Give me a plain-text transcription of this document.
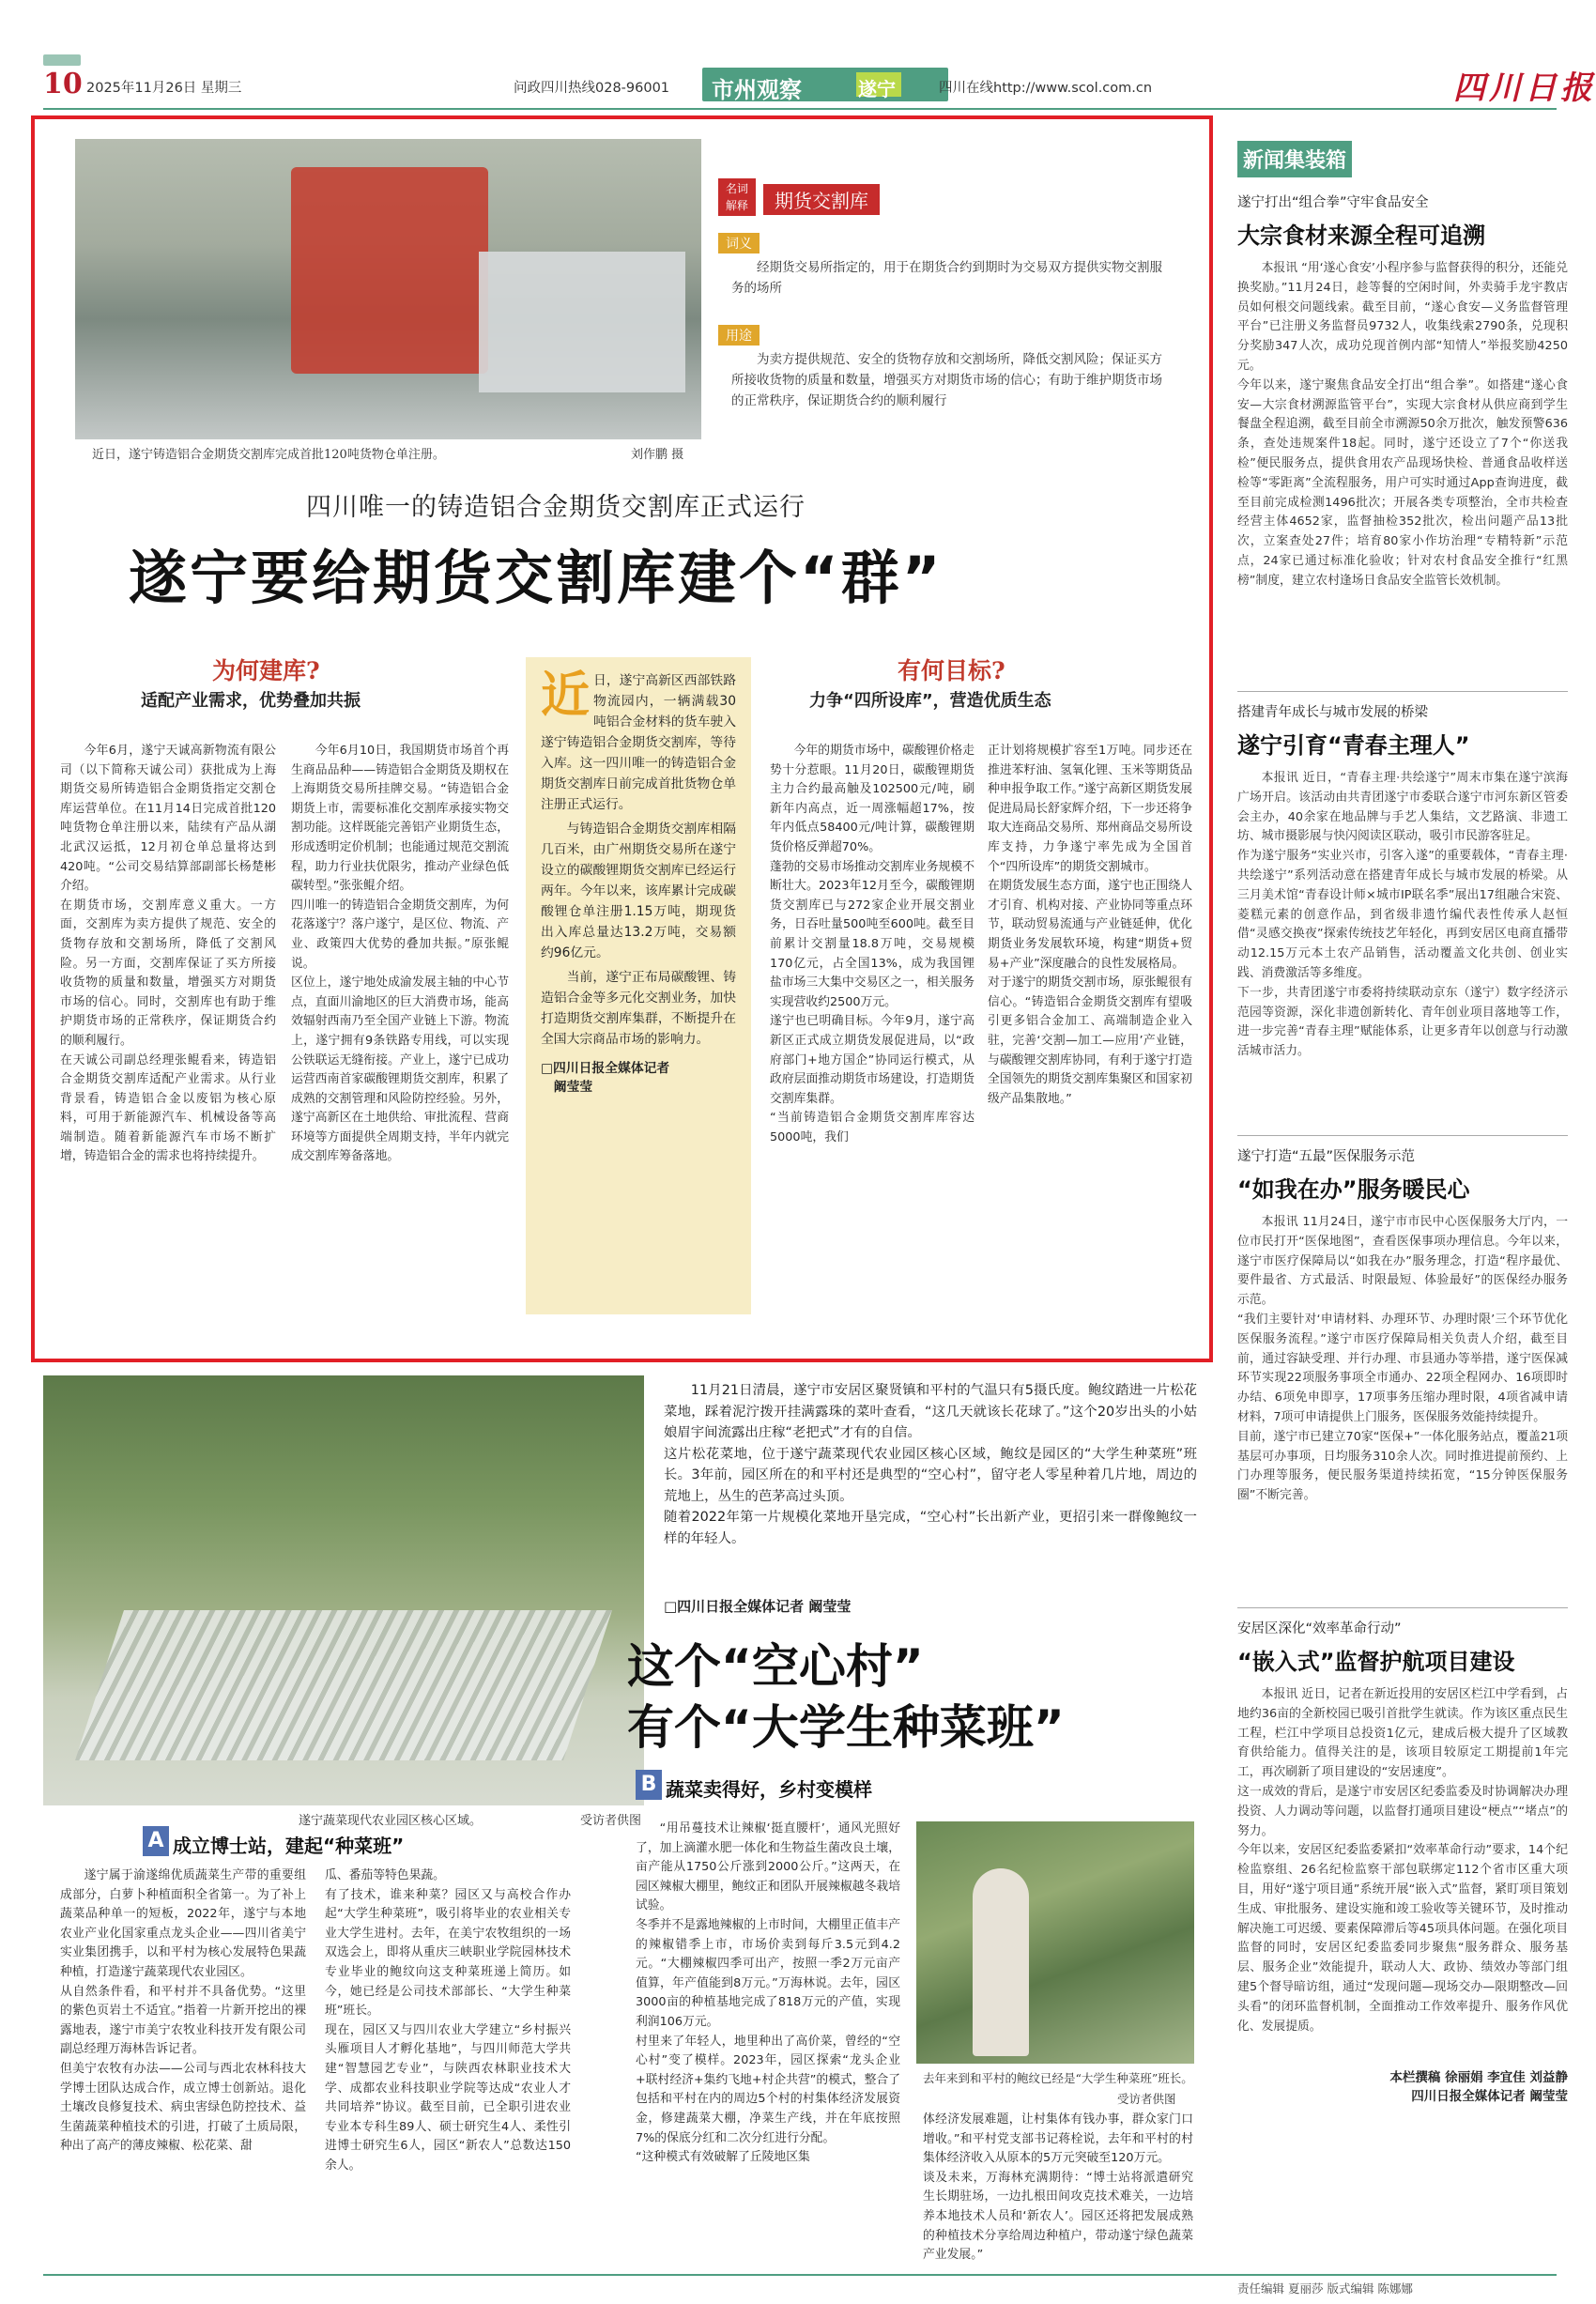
10 2025年11月26日 星期三	问政四川热线028-96001 市州观察	遂宁	四川在线http://www.scol.com.cn	四川日报
近日，遂宁铸造铝合金期货交割库完成首批120吨货物仓单注册。	刘作鹏 摄
名词
解释	期货交割库
词义
经期货交易所指定的，用于在期货合约到期时为交易双方提供实物交割服务的场所
用途
为卖方提供规范、安全的货物存放和交割场所，降低交割风险；保证买方所接收货物的质量和数量，增强买方对期货市场的信心；有助于维护期货市场的正常秩序，保证期货合约的顺利履行
四川唯一的铸造铝合金期货交割库正式运行
遂宁要给期货交割库建个“群”
为何建库?
适配产业需求，优势叠加共振
有何目标?
力争“四所设库”，营造优质生态

今年6月，遂宁天诚高新物流有限公司（以下简称天诚公司）获批成为上海期货交易所铸造铝合金期货指定交割仓库运营单位。在11月14日完成首批120吨货物仓单注册以来，陆续有产品从湖北武汉运抵，12月初仓单总量将达到420吨。“公司交易结算部副部长杨楚彬介绍。
在期货市场，交割库意义重大。一方面，交割库为卖方提供了规范、安全的货物存放和交割场所，降低了交割风险。另一方面，交割库保证了买方所接收货物的质量和数量，增强买方对期货市场的信心。同时，交割库也有助于维护期货市场的正常秩序，保证期货合约的顺利履行。
在天诚公司副总经理张鲲看来，铸造铝合金期货交割库适配产业需求。从行业背景看，铸造铝合金以废铝为核心原料，可用于新能源汽车、机械设备等高端制造。随着新能源汽车市场不断扩增，铸造铝合金的需求也将持续提升。

今年6月10日，我国期货市场首个再生商品品种——铸造铝合金期货及期权在上海期货交易所挂牌交易。“铸造铝合金期货上市，需要标准化交割库承接实物交割功能。这样既能完善铝产业期货生态，形成透明定价机制；也能通过规范交割流程，助力行业扶优限劣，推动产业绿色低碳转型。”张张鲲介绍。
四川唯一的铸造铝合金期货交割库，为何花落遂宁？落户遂宁，是区位、物流、产业、政策四大优势的叠加共振。”原张鲲说。
区位上，遂宁地处成渝发展主轴的中心节点，直面川渝地区的巨大消费市场，能高效辐射西南乃至全国产业链上下游。物流上，遂宁拥有9条铁路专用线，可以实现公铁联运无缝衔接。产业上，遂宁已成功运营西南首家碳酸锂期货交割库，积累了成熟的交割管理和风险防控经验。另外，遂宁高新区在土地供给、审批流程、营商环境等方面提供全周期支持，半年内就完成交割库筹备落地。

近 日，遂宁高新区西部铁路物流园内，一辆满载30吨铝合金材料的货车驶入遂宁铸造铝合金期货交割库，等待入库。这一四川唯一的铸造铝合金期货交割库日前完成首批货物仓单注册正式运行。
与铸造铝合金期货交割库相隔几百米，由广州期货交易所在遂宁设立的碳酸锂期货交割库已经运行两年。今年以来，该库累计完成碳酸锂仓单注册1.15万吨，期现货出入库总量达13.2万吨，交易额约96亿元。
当前，遂宁正布局碳酸锂、铸造铝合金等多元化交割业务，加快打造期货交割库集群，不断提升在全国大宗商品市场的影响力。
□四川日报全媒体记者
阚莹莹

今年的期货市场中，碳酸锂价格走势十分惹眼。11月20日，碳酸锂期货主力合约最高触及102500元/吨，刷新年内高点，近一周涨幅超17%，按年内低点58400元/吨计算，碳酸锂期货价格反弹超70%。
蓬勃的交易市场推动交割库业务规模不断壮大。2023年12月至今，碳酸锂期货交割库已与272家企业开展交割业务，日吞吐量500吨至600吨。截至目前累计交割量18.8万吨，交易规模170亿元，占全国13%，成为我国锂盐市场三大集中交易区之一，相关服务实现营收约2500万元。
遂宁也已明确目标。今年9月，遂宁高新区正式成立期货发展促进局，以“政府部门+地方国企”协同运行模式，从政府层面推动期货市场建设，打造期货交割库集群。
“当前铸造铝合金期货交割库库容达5000吨，我们

正计划将规模扩容至1万吨。同步还在推进苯籽油、氢氧化锂、玉米等期货品种申报争取工作。”遂宁高新区期货发展促进局局长舒家辉介绍，下一步还将争取大连商品交易所、郑州商品交易所设库支持，力争遂宁率先成为全国首个“四所设库”的期货交割城市。
在期货发展生态方面，遂宁也正围绕人才引育、机构对接、产业协同等重点环节，联动贸易流通与产业链延伸，优化期货业务发展软环境，构建“期货+贸易+产业”深度融合的良性发展格局。
对于遂宁的期货交割市场，原张鲲很有信心。“铸造铝合金期货交割库有望吸引更多铝合金加工、高端制造企业入驻，完善‘交割—加工—应用’产业链，与碳酸锂交割库协同，有利于遂宁打造全国领先的期货交割库集聚区和国家初级产品集散地。”

遂宁蔬菜现代农业园区核心区域。	受访者供图

11月21日清晨，遂宁市安居区聚贤镇和平村的气温只有5摄氏度。鲍纹踏进一片松花菜地，踩着泥泞拨开挂满露珠的菜叶查看，“这几天就该长花球了。”这个20岁出头的小姑娘眉宇间流露出庄稼“老把式”才有的自信。
这片松花菜地，位于遂宁蔬菜现代农业园区核心区域，鲍纹是园区的“大学生种菜班”班长。3年前，园区所在的和平村还是典型的“空心村”，留守老人零星种着几片地，周边的荒地上，丛生的芭茅高过头顶。
随着2022年第一片规模化菜地开垦完成，“空心村”长出新产业，更招引来一群像鲍纹一样的年轻人。

□四川日报全媒体记者 阚莹莹
这个“空心村”
有个“大学生种菜班”
A 成立博士站，建起“种菜班”

遂宁属于渝遂绵优质蔬菜生产带的重要组成部分，白萝卜种植面积全省第一。为了补上蔬菜品种单一的短板，2022年，遂宁与本地农业产业化国家重点龙头企业——四川省美宁实业集团携手，以和平村为核心发展特色果蔬种植，打造遂宁蔬菜现代农业园区。
从自然条件看，和平村并不具备优势。“这里的紫色页岩土不适宜。”指着一片新开挖出的裸露地表，遂宁市美宁农牧业科技开发有限公司副总经理万海林告诉记者。
但美宁农牧有办法——公司与西北农林科技大学博士团队达成合作，成立博士创新站。退化土壤改良修复技术、病虫害绿色防控技术、益生菌蔬菜种植技术的引进，打破了土质局限，种出了高产的薄皮辣椒、松花菜、甜

瓜、番茄等特色果蔬。
有了技术，谁来种菜？园区又与高校合作办起“大学生种菜班”，吸引将毕业的农业相关专业大学生进村。去年，在美宁农牧组织的一场双选会上，即将从重庆三峡职业学院园林技术专业毕业的鲍纹向这支种菜班递上简历。如今，她已经是公司技术部部长、“大学生种菜班”班长。
现在，园区又与四川农业大学建立“乡村振兴头雁项目人才孵化基地”，与四川师范大学共建“智慧园艺专业”，与陕西农林职业技术大学、成都农业科技职业学院等达成“农业人才共同培养”协议。截至目前，已全职引进农业专业本专科生89人、硕士研究生4人、柔性引进博士研究生6人，园区“新农人”总数达150余人。

B 蔬菜卖得好，乡村变模样

“用吊蔓技术让辣椒‘挺直腰杆’，通风光照好了，加上滴灌水肥一体化和生物益生菌改良土壤，亩产能从1750公斤涨到2000公斤。”这两天，在园区辣椒大棚里，鲍纹正和团队开展辣椒越冬栽培试验。
冬季并不是露地辣椒的上市时间，大棚里正值丰产的辣椒错季上市，市场价卖到每斤3.5元到4.2元。“大棚辣椒四季可出产，按照一季2万元亩产值算，年产值能到8万元。”万海林说。去年，园区3000亩的种植基地完成了818万元的产值，实现利润106万元。
村里来了年轻人，地里种出了高价菜，曾经的“空心村”变了模样。2023年，园区探索“龙头企业+联村经济+集约飞地+村企共营”的模式，整合了包括和平村在内的周边5个村的村集体经济发展资金，修建蔬菜大棚，净菜生产线，并在年底按照7%的保底分红和二次分红进行分配。
“这种模式有效破解了丘陵地区集

去年来到和平村的鲍纹已经是“大学生种菜班”班长。
受访者供图

体经济发展难题，让村集体有钱办事，群众家门口增收。”和平村党支部书记蒋栓说，去年和平村的村集体经济收入从原本的5万元突破至120万元。
谈及未来，万海林充满期待：“博士站将派遣研究生长期驻场，一边扎根田间攻克技术难关，一边培养本地技术人员和‘新农人’。园区还将把发展成熟的种植技术分享给周边种植户，带动遂宁绿色蔬菜产业发展。”

新闻集装箱
遂宁打出“组合拳”守牢食品安全
大宗食材来源全程可追溯
本报讯 “用‘遂心食安’小程序参与监督获得的积分，还能兑换奖励。”11月24日，趁等餐的空闲时间，外卖骑手龙宇教店员如何根交问题线索。截至目前，“遂心食安—义务监督管理平台”已注册义务监督员9732人，收集线索2790条，兑现积分奖励347人次，成功兑现首例内部“知情人”举报奖励4250元。
今年以来，遂宁聚焦食品安全打出“组合拳”。如搭建“遂心食安—大宗食材溯源监管平台”，实现大宗食材从供应商到学生餐盘全程追溯，截至目前全市溯源50余万批次，触发预警636条，查处违规案件18起。同时，遂宁还设立了7个“你送我检”便民服务点，提供食用农产品现场快检、普通食品收样送检等“零距离”全流程服务，用户可实时通过App查询进度，截至目前完成检测1496批次；开展各类专项整治，全市共检查经营主体4652家，监督抽检352批次，检出问题产品13批次，立案查处27件；培育80家小作坊治理“专精特新”示范点，24家已通过标准化验收；针对农村食品安全推行“红黑榜”制度，建立农村逢场日食品安全监管长效机制。
搭建青年成长与城市发展的桥梁
遂宁引育“青春主理人”
本报讯 近日，“青春主理·共绘遂宁”周末市集在遂宁滨海广场开启。该活动由共青团遂宁市委联合遂宁市河东新区管委会主办，40余家在地品牌与手艺人集结，文艺路演、非遗工坊、城市摄影展与快闪阅读区联动，吸引市民游客驻足。
作为遂宁服务“实业兴市，引客入遂”的重要载体，“青春主理·共绘遂宁”系列活动意在搭建青年成长与城市发展的桥梁。从三月美术馆“青春设计师×城市IP联名季”展出17组融合宋瓷、菱糕元素的创意作品，到省级非遗竹编代表性传承人赵恒借“灵感交换夜”探索传统技艺年轻化，再到安居区电商直播带动12.15万元本土农产品销售，活动覆盖文化共创、创业实践、消费激活等多维度。
下一步，共青团遂宁市委将持续联动京东（遂宁）数字经济示范园等资源，深化非遗创新转化、青年创业项目落地等工作，进一步完善“青春主理”赋能体系，让更多青年以创意与行动激活城市活力。
遂宁打造“五最”医保服务示范
“如我在办”服务暖民心
本报讯 11月24日，遂宁市市民中心医保服务大厅内，一位市民打开“医保地图”，查看医保事项办理信息。今年以来，遂宁市医疗保障局以“如我在办”服务理念，打造“程序最优、要件最省、方式最活、时限最短、体验最好”的医保经办服务示范。
“我们主要针对‘申请材料、办理环节、办理时限’三个环节优化医保服务流程。”遂宁市医疗保障局相关负责人介绍，截至目前，通过容缺受理、并行办理、市县通办等举措，遂宁医保减环节实现22项服务事项全市通办、22项全程网办、16项即时办结、6项免申即享，17项事务压缩办理时限，4项省减申请材料，7项可申请提供上门服务，医保服务效能持续提升。
目前，遂宁市已建立70家“医保+”一体化服务站点，覆盖21项基层可办事项，日均服务310余人次。同时推进提前预约、上门办理等服务，便民服务渠道持续拓宽，“15分钟医保服务圈”不断完善。
安居区深化“效率革命行动”
“嵌入式”监督护航项目建设
本报讯 近日，记者在新近投用的安居区栏江中学看到，占地约36亩的全新校园已吸引首批学生就读。作为该区重点民生工程，栏江中学项目总投资1亿元，建成后极大提升了区域教育供给能力。值得关注的是，该项目较原定工期提前1年完工，再次刷新了项目建设的“安居速度”。
这一成效的背后，是遂宁市安居区纪委监委及时协调解决办理投资、人力调动等问题，以监督打通项目建设“梗点”“堵点”的努力。
今年以来，安居区纪委监委紧扣“效率革命行动”要求，14个纪检监察组、26名纪检监察干部包联绑定112个省市区重大项目，用好“遂宁项目通”系统开展“嵌入式”监督，紧盯项目策划生成、审批服务、建设实施和竣工验收等关键环节，及时推动解决施工可迟缓、要素保障滞后等45项具体问题。在强化项目监督的同时，安居区纪委监委同步聚焦“服务群众、服务基层、服务企业”效能提升，联动人大、政协、绩效办等部门组建5个督导暗访组，通过“发现问题—现场交办—限期整改—回头看”的闭环监督机制，全面推动工作效率提升、服务作风优化、发展提质。
本栏撰稿 徐丽娟 李宜佳 刘益静
四川日报全媒体记者 阚莹莹
责任编辑 夏丽莎 版式编辑 陈娜娜
